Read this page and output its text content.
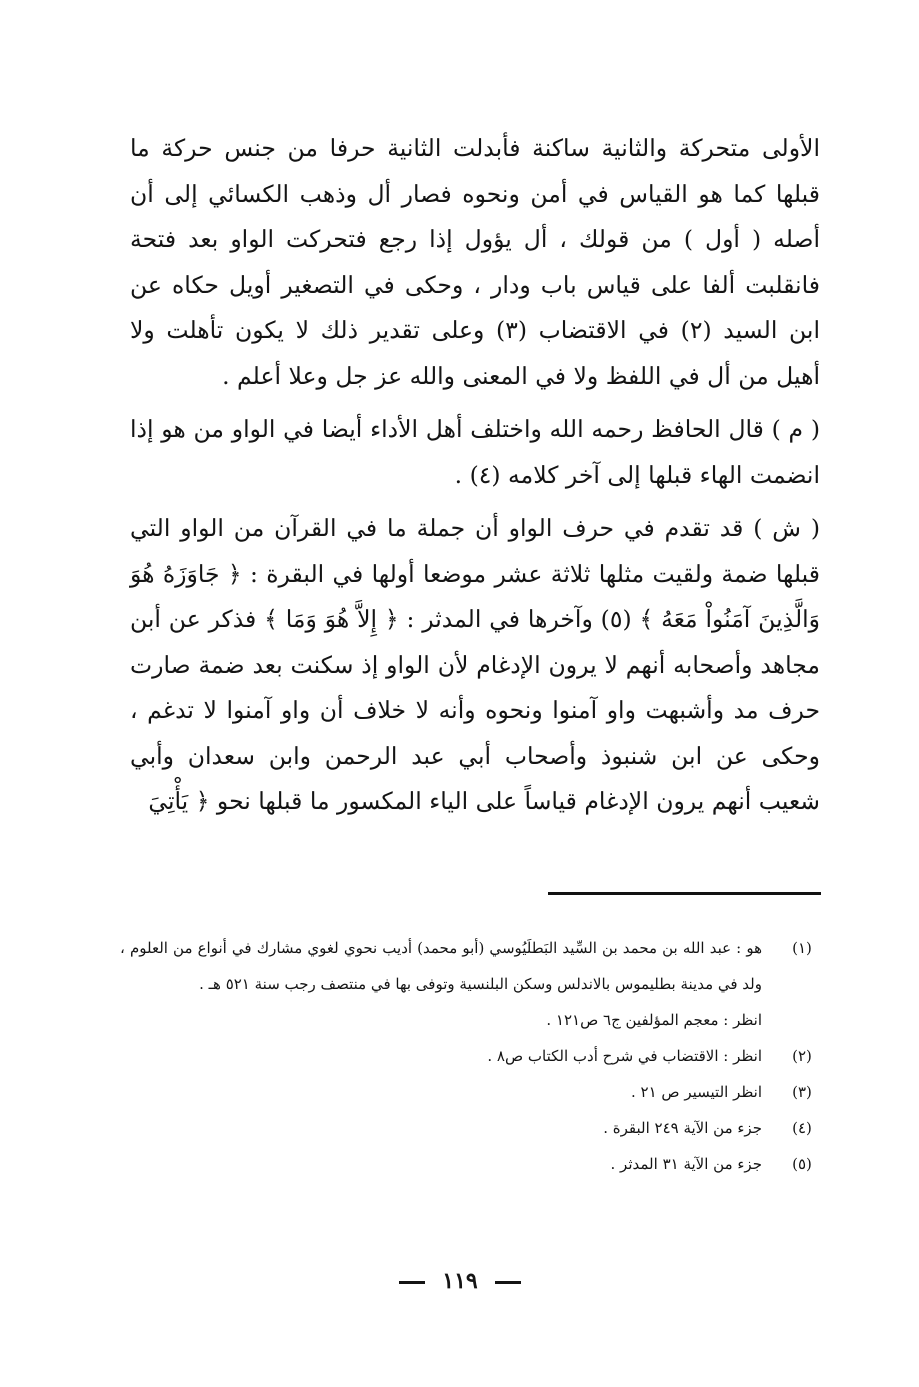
الأولى متحركة والثانية ساكنة فأبدلت الثانية حرفا من جنس حركة ما قبلها كما هو القياس في أمن ونحوه فصار أل وذهب الكسائي إلى أن أصله ( أول ) من قولك ، أل يؤول إذا رجع فتحركت الواو بعد فتحة فانقلبت ألفا على قياس باب ودار ، وحكى في التصغير أويل حكاه عن ابن السيد (٢) في الاقتضاب (٣) وعلى تقدير ذلك لا يكون تأهلت ولا أهيل من أل في اللفظ ولا في المعنى والله عز جل وعلا أعلم .

( م ) قال الحافظ رحمه الله واختلف أهل الأداء أيضا في الواو من هو إذا انضمت الهاء قبلها إلى آخر كلامه (٤) .

( ش ) قد تقدم في حرف الواو أن جملة ما في القرآن من الواو التي قبلها ضمة ولقيت مثلها ثلاثة عشر موضعا أولها في البقرة : ﴿ جَاوَزَهُ هُوَ وَالَّذِينَ آمَنُواْ مَعَهُ ﴾ (٥) وآخرها في المدثر : ﴿ إِلاَّ هُوَ وَمَا ﴾ فذكر عن أبن مجاهد وأصحابه أنهم لا يرون الإدغام لأن الواو إذ سكنت بعد ضمة صارت حرف مد وأشبهت واو آمنوا ونحوه وأنه لا خلاف أن واو آمنوا لا تدغم ، وحكى عن ابن شنبوذ وأصحاب أبي عبد الرحمن وابن سعدان وأبي شعيب أنهم يرون الإدغام قياساً على الياء المكسور ما قبلها نحو ﴿ يَأْتِيَ

(١)
هو : عبد الله بن محمد بن السِّيد البَطلَيُوسي (أبو محمد) أديب نحوي لغوي مشارك في أنواع من العلوم ، ولد في مدينة بطليموس بالاندلس وسكن البلنسية وتوفى بها في منتصف رجب سنة ٥٢١ هـ .
انظر : معجم المؤلفين ج٦ ص١٢١ .
(٢)
انظر : الاقتضاب في شرح أدب الكتاب ص٨ .
(٣)
انظر التيسير ص ٢١ .
(٤)
جزء من الآية ٢٤٩ البقرة .
(٥)
جزء من الآية ٣١ المدثر .
١١٩
